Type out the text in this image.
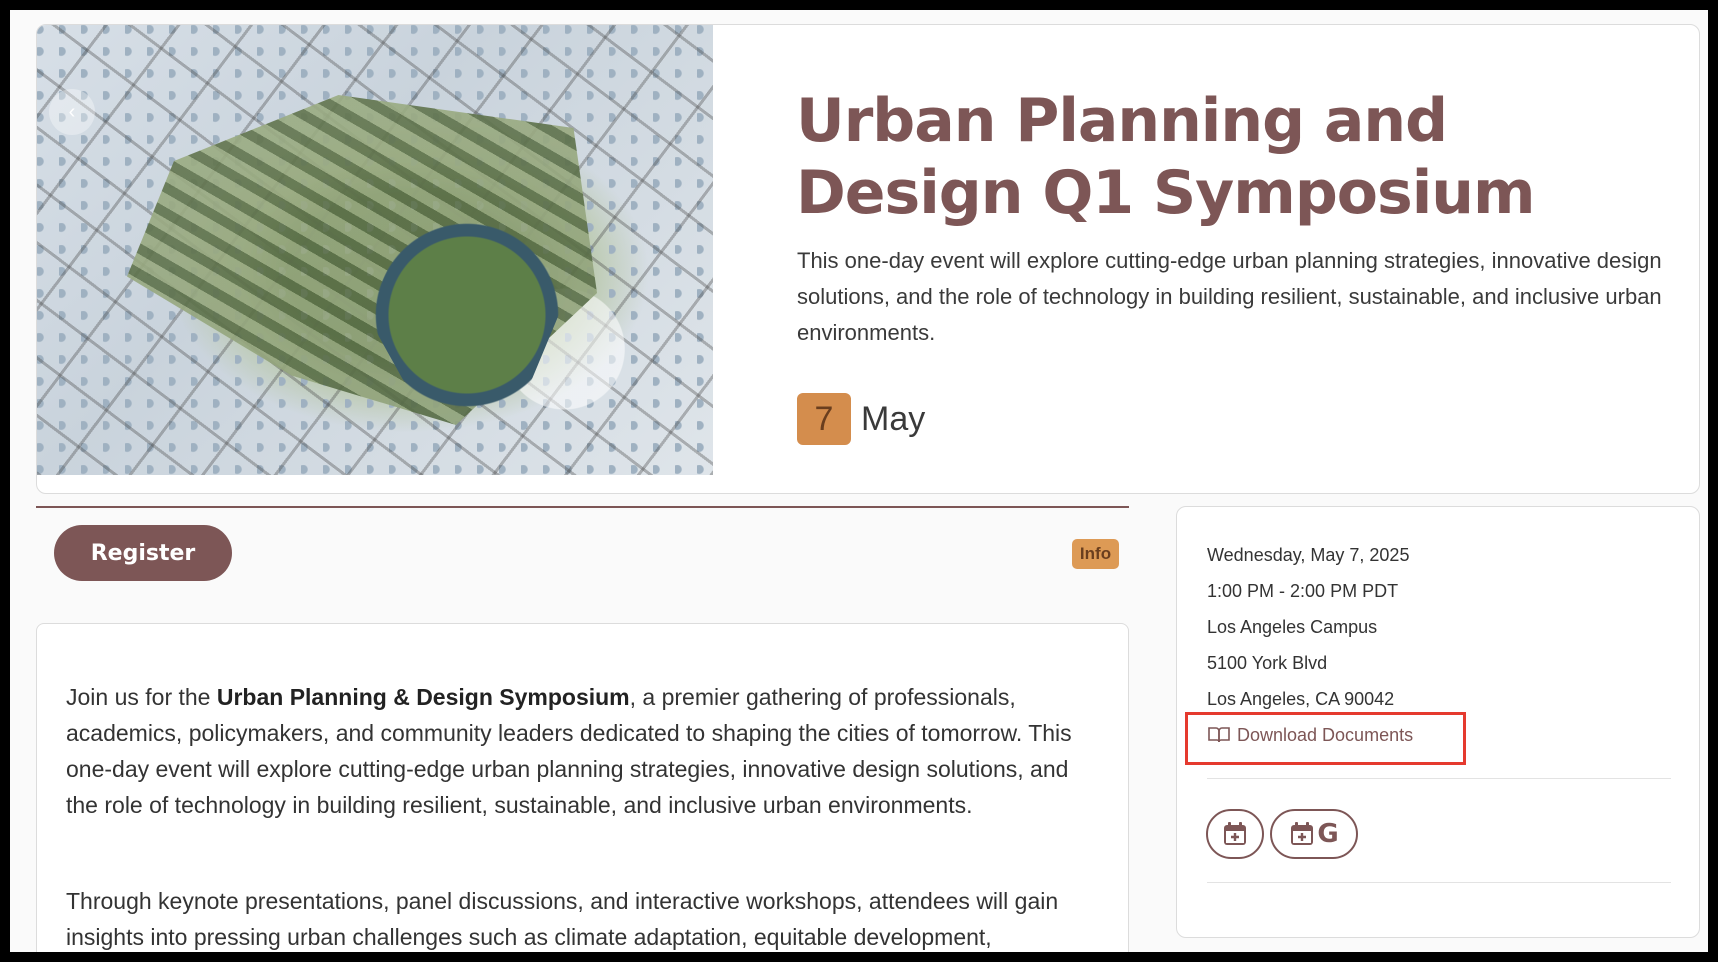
‹	Urban Planning and Design Q1 Symposium

This one-day event will explore cutting-edge urban planning strategies, innovative design solutions, and the role of technology in building resilient, sustainable, and inclusive urban environments.

7 May
Register	Info

Join us for the Urban Planning & Design Symposium, a premier gathering of professionals, academics, policymakers, and community leaders dedicated to shaping the cities of tomorrow. This one-day event will explore cutting-edge urban planning strategies, innovative design solutions, and the role of technology in building resilient, sustainable, and inclusive urban environments.

Through keynote presentations, panel discussions, and interactive workshops, attendees will gain insights into pressing urban challenges such as climate adaptation, equitable development,

Wednesday, May 7, 2025
1:00 PM - 2:00 PM PDT
Los Angeles Campus
5100 York Blvd
Los Angeles, CA 90042
Download Documents
G
